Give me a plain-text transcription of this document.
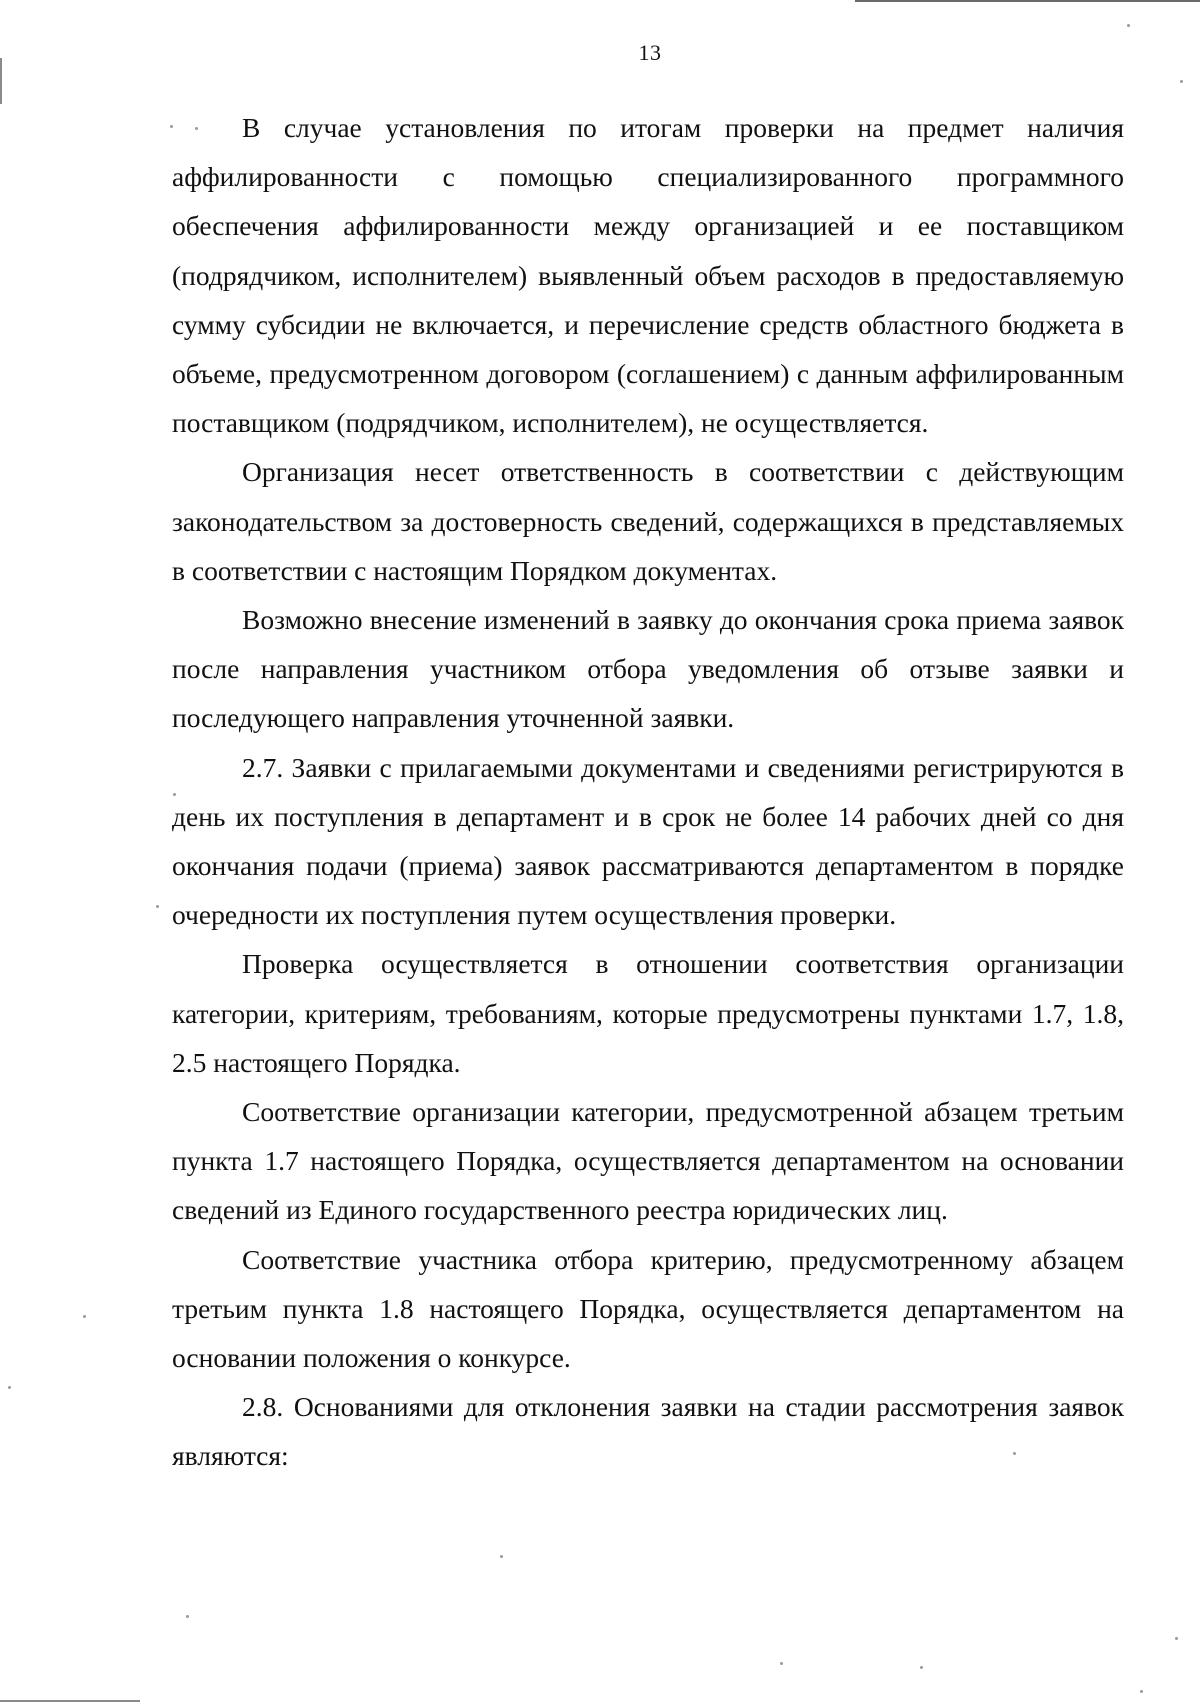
13

В случае установления по итогам проверки на предмет наличия аффилированности с помощью специализированного программного обеспечения аффилированности между организацией и ее поставщиком (подрядчиком, исполнителем) выявленный объем расходов в предоставляемую сумму субсидии не включается, и перечисление средств областного бюджета в объеме, предусмотренном договором (соглашением) с данным аффилированным поставщиком (подрядчиком, исполнителем), не осуществляется.

Организация несет ответственность в соответствии с действующим законодательством за достоверность сведений, содержащихся в представляемых в соответствии с настоящим Порядком документах.

Возможно внесение изменений в заявку до окончания срока приема заявок после направления участником отбора уведомления об отзыве заявки и последующего направления уточненной заявки.

2.7. Заявки с прилагаемыми документами и сведениями регистрируются в день их поступления в департамент и в срок не более 14 рабочих дней со дня окончания подачи (приема) заявок рассматриваются департаментом в порядке очередности их поступления путем осуществления проверки.

Проверка осуществляется в отношении соответствия организации категории, критериям, требованиям, которые предусмотрены пунктами 1.7, 1.8, 2.5 настоящего Порядка.

Соответствие организации категории, предусмотренной абзацем третьим пункта 1.7 настоящего Порядка, осуществляется департаментом на основании сведений из Единого государственного реестра юридических лиц.

Соответствие участника отбора критерию, предусмотренному абзацем третьим пункта 1.8 настоящего Порядка, осуществляется департаментом на основании положения о конкурсе.

2.8. Основаниями для отклонения заявки на стадии рассмотрения заявок являются:
